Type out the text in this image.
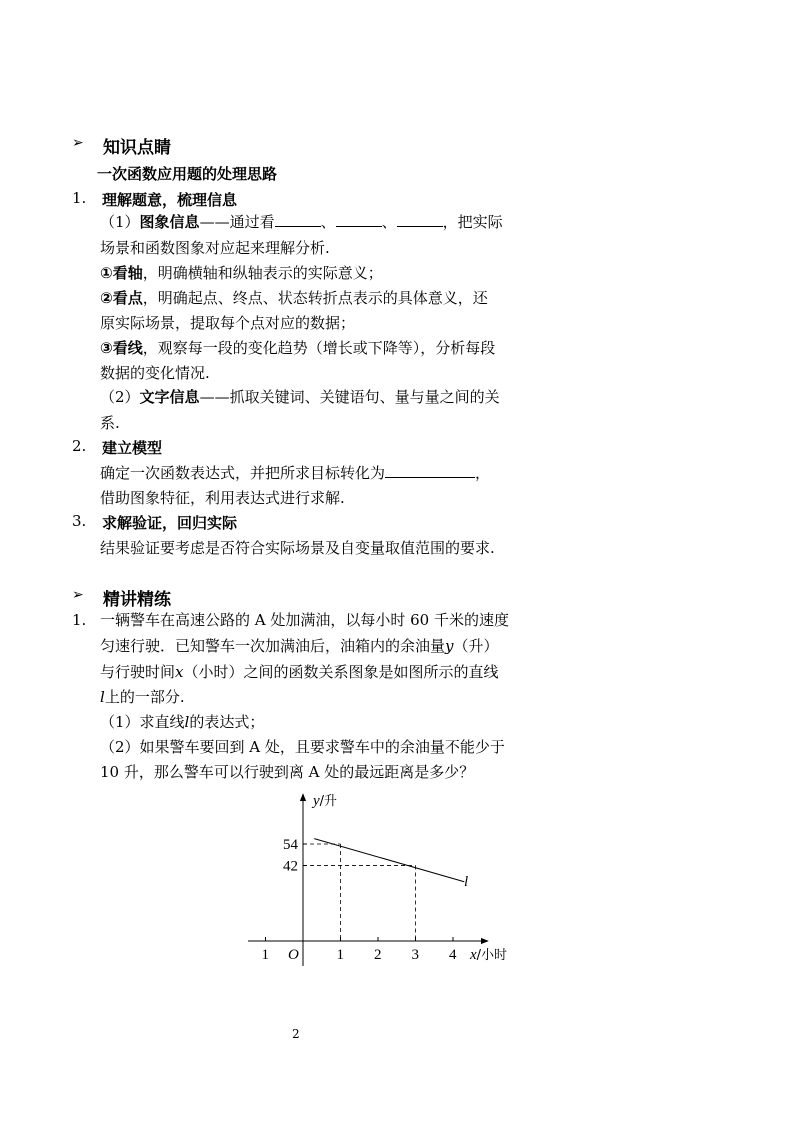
➢ 知识点睛
一次函数应用题的处理思路
1. 理解题意，梳理信息
（1）图象信息——通过看	、	、	，把实际
场景和函数图象对应起来理解分析.
①看轴，明确横轴和纵轴表示的实际意义；
②看点，明确起点、终点、状态转折点表示的具体意义，还
原实际场景，提取每个点对应的数据；
③看线，观察每一段的变化趋势（增长或下降等），分析每段
数据的变化情况.
（2）文字信息——抓取关键词、关键语句、量与量之间的关
系.
2. 建立模型
确定一次函数表达式，并把所求目标转化为	，
借助图象特征，利用表达式进行求解.
3. 求解验证，回归实际
结果验证要考虑是否符合实际场景及自变量取值范围的要求.
➢ 精讲精练
1. 一辆警车在高速公路的 A 处加满油，以每小时 60 千米的速度
匀速行驶．已知警车一次加满油后，油箱内的余油量y（升）
与行驶时间x（小时）之间的函数关系图象是如图所示的直线
l上的一部分.
（1）求直线l的表达式；
（2）如果警车要回到 A 处，且要求警车中的余油量不能少于
10 升，那么警车可以行驶到离 A 处的最远距离是多少？
1	1 2 3 4
54
42
y/升
x/小时
O
l
2
